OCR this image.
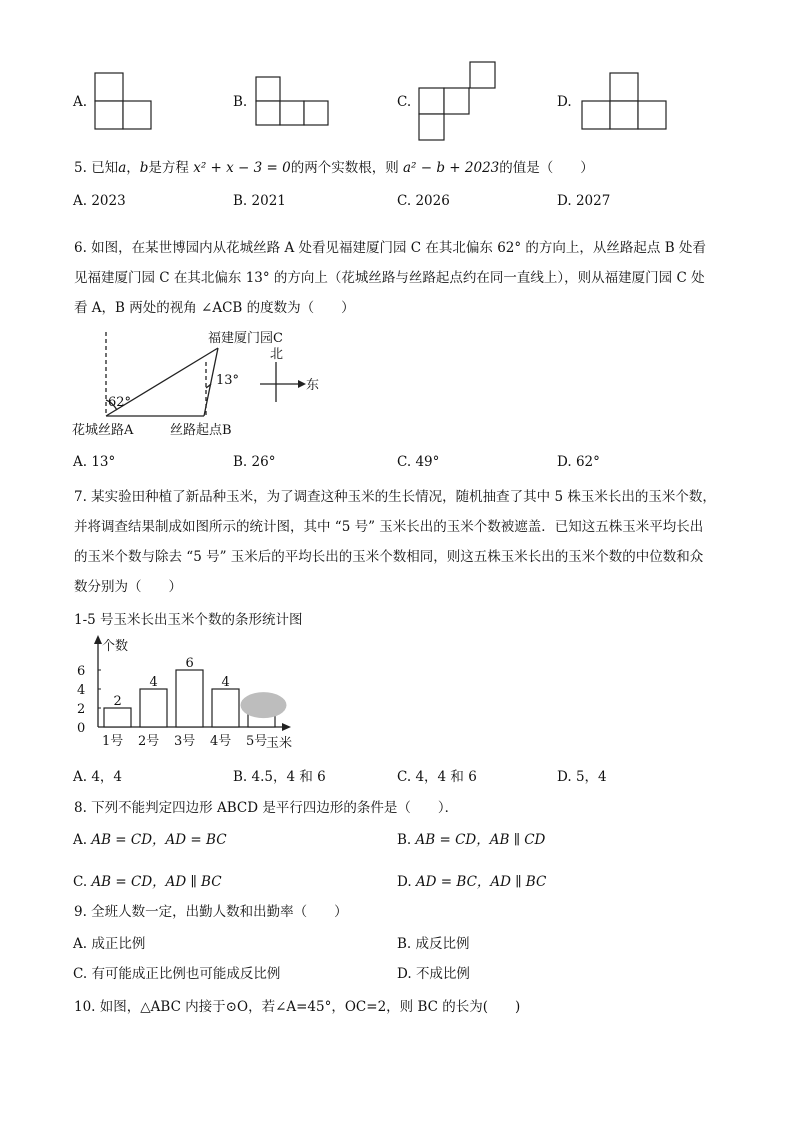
A.	B.	C.	D.
5. 已知a，b是方程 x² + x − 3 = 0的两个实数根，则 a² − b + 2023的值是（　　）
A. 2023	B. 2021	C. 2026	D. 2027
6. 如图，在某世博园内从花城丝路 A 处看见福建厦门园 C 在其北偏东 62° 的方向上，从丝路起点 B 处看
见福建厦门园 C 在其北偏东 13° 的方向上（花城丝路与丝路起点约在同一直线上），则从福建厦门园 C 处
看 A，B 两处的视角 ∠ACB 的度数为（　　）
62°
13°
福建厦门园C
花城丝路A	丝路起点B
北
东
A. 13°	B. 26°	C. 49°	D. 62°
7. 某实验田种植了新品种玉米，为了调查这种玉米的生长情况，随机抽查了其中 5 株玉米长出的玉米个数，
并将调查结果制成如图所示的统计图，其中 “5 号” 玉米长出的玉米个数被遮盖．已知这五株玉米平均长出
的玉米个数与除去 “5 号” 玉米后的平均长出的玉米个数相同，则这五株玉米长出的玉米个数的中位数和众
数分别为（　　）
1-5 号玉米长出玉米个数的条形统计图
个数
玉米
0
2
4
6
2
1号
4
2号
6
3号
4
4号 5号
A. 4，4	B. 4.5，4 和 6	C. 4，4 和 6	D. 5，4
8. 下列不能判定四边形 ABCD 是平行四边形的条件是（　　）．
A. AB = CD，AD = BC	B. AB = CD，AB ∥ CD
C. AB = CD，AD ∥ BC	D. AD = BC，AD ∥ BC
9. 全班人数一定，出勤人数和出勤率（　　）
A. 成正比例	B. 成反比例
C. 有可能成正比例也可能成反比例	D. 不成比例
10. 如图，△ABC 内接于⊙O，若∠A=45°，OC=2，则 BC 的长为(　　)
